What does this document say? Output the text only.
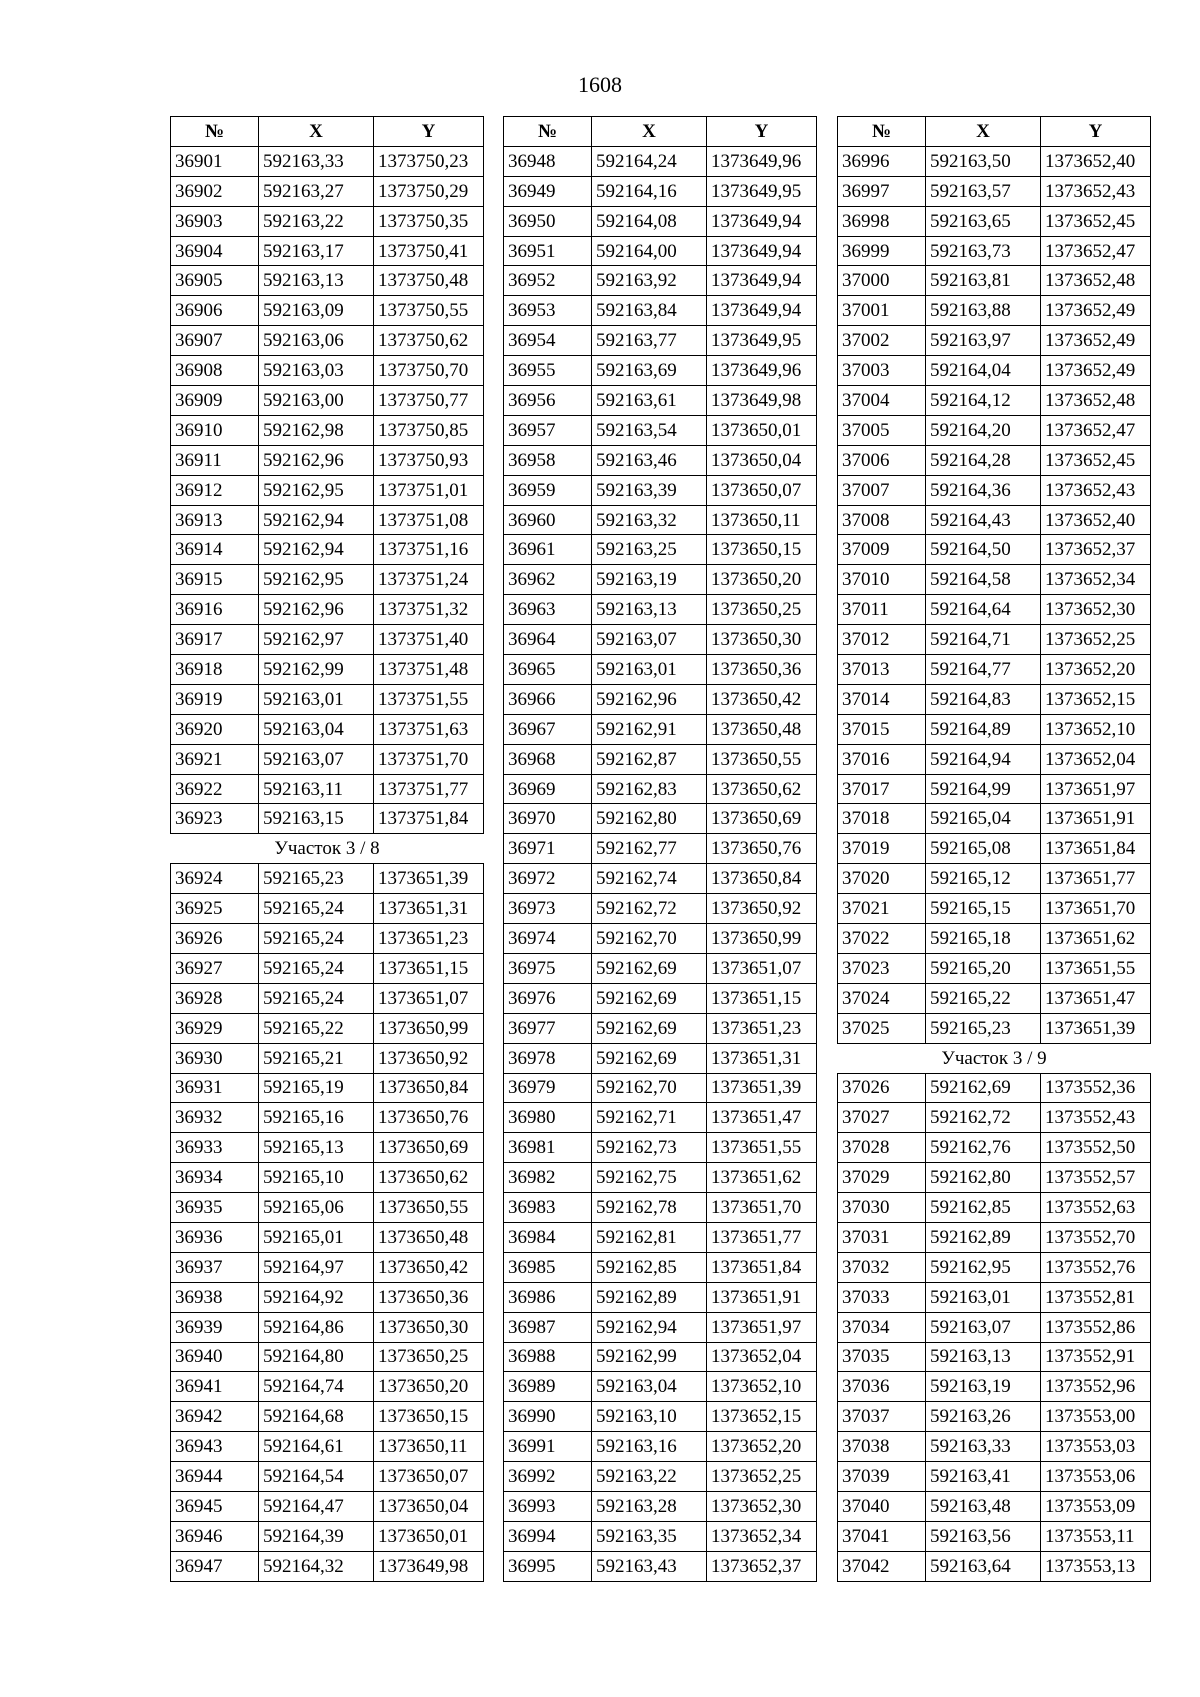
1608
№	X	Y
36901	592163,33	1373750,23
36902	592163,27	1373750,29
36903	592163,22	1373750,35
36904	592163,17	1373750,41
36905	592163,13	1373750,48
36906	592163,09	1373750,55
36907	592163,06	1373750,62
36908	592163,03	1373750,70
36909	592163,00	1373750,77
36910	592162,98	1373750,85
36911	592162,96	1373750,93
36912	592162,95	1373751,01
36913	592162,94	1373751,08
36914	592162,94	1373751,16
36915	592162,95	1373751,24
36916	592162,96	1373751,32
36917	592162,97	1373751,40
36918	592162,99	1373751,48
36919	592163,01	1373751,55
36920	592163,04	1373751,63
36921	592163,07	1373751,70
36922	592163,11	1373751,77
36923	592163,15	1373751,84
Участок 3 / 8		
36924	592165,23	1373651,39
36925	592165,24	1373651,31
36926	592165,24	1373651,23
36927	592165,24	1373651,15
36928	592165,24	1373651,07
36929	592165,22	1373650,99
36930	592165,21	1373650,92
36931	592165,19	1373650,84
36932	592165,16	1373650,76
36933	592165,13	1373650,69
36934	592165,10	1373650,62
36935	592165,06	1373650,55
36936	592165,01	1373650,48
36937	592164,97	1373650,42
36938	592164,92	1373650,36
36939	592164,86	1373650,30
36940	592164,80	1373650,25
36941	592164,74	1373650,20
36942	592164,68	1373650,15
36943	592164,61	1373650,11
36944	592164,54	1373650,07
36945	592164,47	1373650,04
36946	592164,39	1373650,01
36947	592164,32	1373649,98
№	X	Y
36948	592164,24	1373649,96
36949	592164,16	1373649,95
36950	592164,08	1373649,94
36951	592164,00	1373649,94
36952	592163,92	1373649,94
36953	592163,84	1373649,94
36954	592163,77	1373649,95
36955	592163,69	1373649,96
36956	592163,61	1373649,98
36957	592163,54	1373650,01
36958	592163,46	1373650,04
36959	592163,39	1373650,07
36960	592163,32	1373650,11
36961	592163,25	1373650,15
36962	592163,19	1373650,20
36963	592163,13	1373650,25
36964	592163,07	1373650,30
36965	592163,01	1373650,36
36966	592162,96	1373650,42
36967	592162,91	1373650,48
36968	592162,87	1373650,55
36969	592162,83	1373650,62
36970	592162,80	1373650,69
36971	592162,77	1373650,76
36972	592162,74	1373650,84
36973	592162,72	1373650,92
36974	592162,70	1373650,99
36975	592162,69	1373651,07
36976	592162,69	1373651,15
36977	592162,69	1373651,23
36978	592162,69	1373651,31
36979	592162,70	1373651,39
36980	592162,71	1373651,47
36981	592162,73	1373651,55
36982	592162,75	1373651,62
36983	592162,78	1373651,70
36984	592162,81	1373651,77
36985	592162,85	1373651,84
36986	592162,89	1373651,91
36987	592162,94	1373651,97
36988	592162,99	1373652,04
36989	592163,04	1373652,10
36990	592163,10	1373652,15
36991	592163,16	1373652,20
36992	592163,22	1373652,25
36993	592163,28	1373652,30
36994	592163,35	1373652,34
36995	592163,43	1373652,37
№	X	Y
36996	592163,50	1373652,40
36997	592163,57	1373652,43
36998	592163,65	1373652,45
36999	592163,73	1373652,47
37000	592163,81	1373652,48
37001	592163,88	1373652,49
37002	592163,97	1373652,49
37003	592164,04	1373652,49
37004	592164,12	1373652,48
37005	592164,20	1373652,47
37006	592164,28	1373652,45
37007	592164,36	1373652,43
37008	592164,43	1373652,40
37009	592164,50	1373652,37
37010	592164,58	1373652,34
37011	592164,64	1373652,30
37012	592164,71	1373652,25
37013	592164,77	1373652,20
37014	592164,83	1373652,15
37015	592164,89	1373652,10
37016	592164,94	1373652,04
37017	592164,99	1373651,97
37018	592165,04	1373651,91
37019	592165,08	1373651,84
37020	592165,12	1373651,77
37021	592165,15	1373651,70
37022	592165,18	1373651,62
37023	592165,20	1373651,55
37024	592165,22	1373651,47
37025	592165,23	1373651,39
Участок 3 / 9		
37026	592162,69	1373552,36
37027	592162,72	1373552,43
37028	592162,76	1373552,50
37029	592162,80	1373552,57
37030	592162,85	1373552,63
37031	592162,89	1373552,70
37032	592162,95	1373552,76
37033	592163,01	1373552,81
37034	592163,07	1373552,86
37035	592163,13	1373552,91
37036	592163,19	1373552,96
37037	592163,26	1373553,00
37038	592163,33	1373553,03
37039	592163,41	1373553,06
37040	592163,48	1373553,09
37041	592163,56	1373553,11
37042	592163,64	1373553,13
